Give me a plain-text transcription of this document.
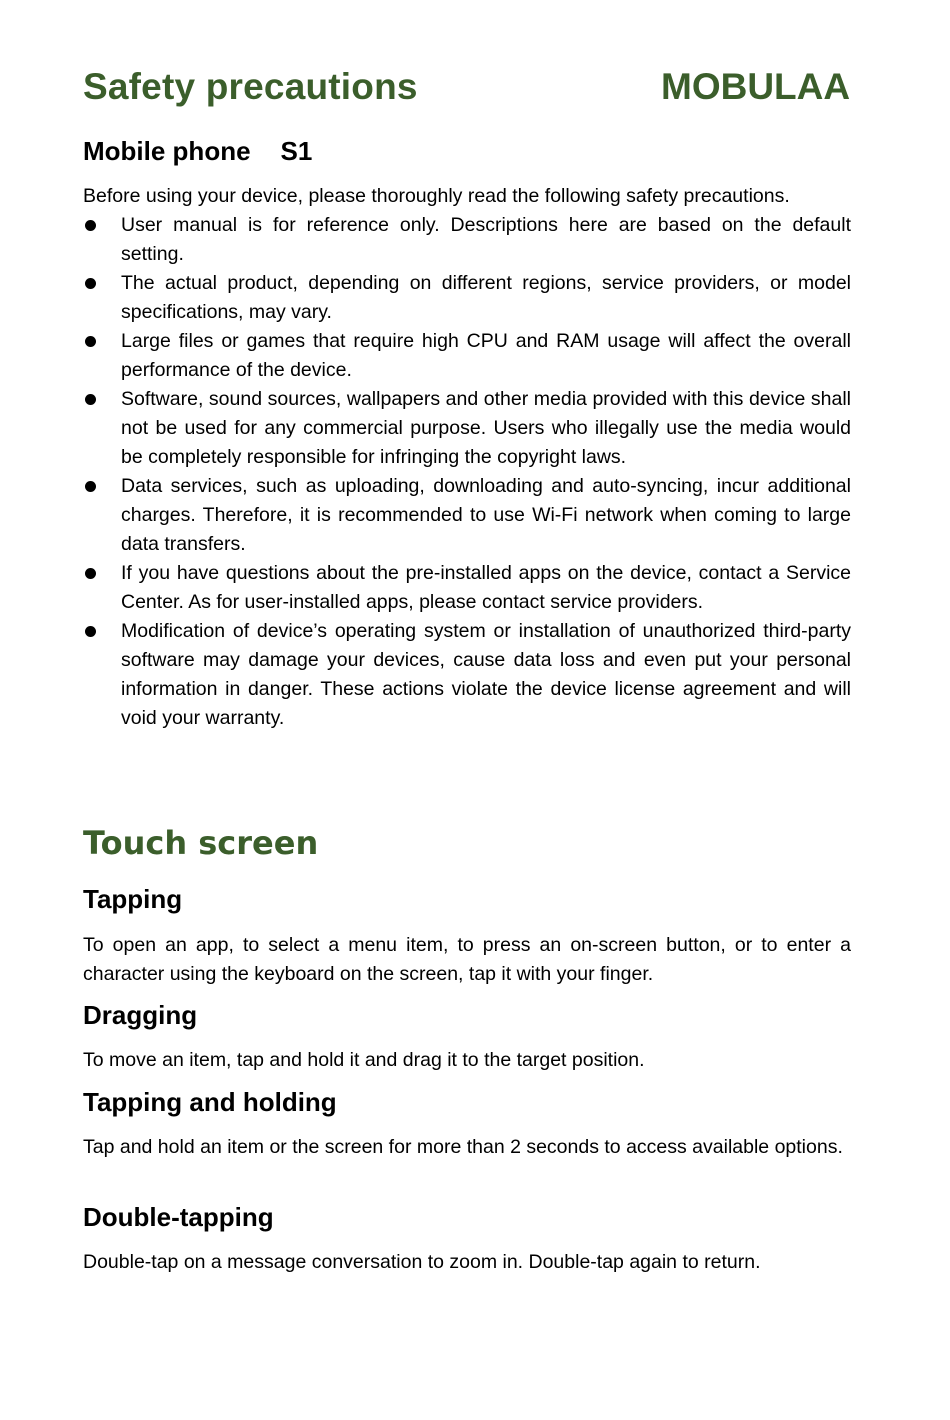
Safety precautions	MOBULAA
Mobile phone S1
Before using your device, please thoroughly read the following safety precautions.
User manual is for reference only. Descriptions here are based on the default setting.
The actual product, depending on different regions, service providers, or model specifications, may vary.
Large files or games that require high CPU and RAM usage will affect the overall performance of the device.
Software, sound sources, wallpapers and other media provided with this device shall not be used for any commercial purpose. Users who illegally use the media would be completely responsible for infringing the copyright laws.
Data services, such as uploading, downloading and auto-syncing, incur additional charges. Therefore, it is recommended to use Wi-Fi network when coming to large data transfers.
If you have questions about the pre-installed apps on the device, contact a Service Center. As for user-installed apps, please contact service providers.
Modification of device’s operating system or installation of unauthorized third-party software may damage your devices, cause data loss and even put your personal information in danger. These actions violate the device license agreement and will void your warranty.
Touch screen
Tapping
To open an app, to select a menu item, to press an on-screen button, or to enter a character using the keyboard on the screen, tap it with your finger.
Dragging
To move an item, tap and hold it and drag it to the target position.
Tapping and holding
Tap and hold an item or the screen for more than 2 seconds to access available options.
Double-tapping
Double-tap on a message conversation to zoom in. Double-tap again to return.
